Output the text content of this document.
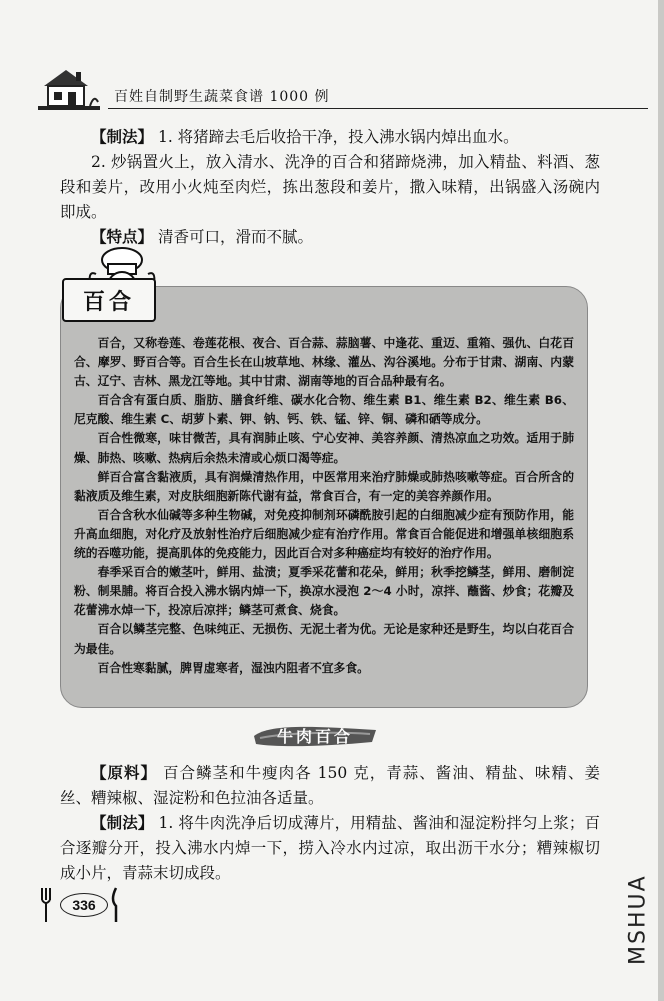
百姓自制野生蔬菜食谱 1000 例
【制法】 1. 将猪蹄去毛后收拾干净，投入沸水锅内焯出血水。
2. 炒锅置火上，放入清水、洗净的百合和猪蹄烧沸，加入精盐、料酒、葱段和姜片，改用小火炖至肉烂，拣出葱段和姜片，撒入味精，出锅盛入汤碗内即成。
【特点】 清香可口，滑而不腻。
百合

百合，又称卷莲、卷莲花根、夜合、百合蒜、蒜脑薯、中逢花、重迈、重箱、强仇、白花百合、摩罗、野百合等。百合生长在山坡草地、林缘、灌丛、沟谷溪地。分布于甘肃、湖南、内蒙古、辽宁、吉林、黑龙江等地。其中甘肃、湖南等地的百合品种最有名。

百合含有蛋白质、脂肪、膳食纤维、碳水化合物、维生素 B1、维生素 B2、维生素 B6、尼克酸、维生素 C、胡萝卜素、钾、钠、钙、铁、锰、锌、铜、磷和硒等成分。

百合性微寒，味甘微苦，具有润肺止咳、宁心安神、美容养颜、清热凉血之功效。适用于肺燥、肺热、咳嗽、热病后余热未清或心烦口渴等症。

鲜百合富含黏液质，具有润燥清热作用，中医常用来治疗肺燥或肺热咳嗽等症。百合所含的黏液质及维生素，对皮肤细胞新陈代谢有益，常食百合，有一定的美容养颜作用。

百合含秋水仙碱等多种生物碱，对免疫抑制剂环磷酰胺引起的白细胞减少症有预防作用，能升高血细胞，对化疗及放射性治疗后细胞减少症有治疗作用。常食百合能促进和增强单核细胞系统的吞噬功能，提高肌体的免疫能力，因此百合对多种癌症均有较好的治疗作用。

春季采百合的嫩茎叶，鲜用、盐渍；夏季采花蕾和花朵，鲜用；秋季挖鳞茎，鲜用、磨制淀粉、制果脯。将百合投入沸水锅内焯一下，换凉水浸泡 2～4 小时，凉拌、蘸酱、炒食；花瓣及花蕾沸水焯一下，投凉后凉拌；鳞茎可煮食、烧食。

百合以鳞茎完整、色味纯正、无损伤、无泥土者为优。无论是家种还是野生，均以白花百合为最佳。

百合性寒黏腻，脾胃虚寒者，湿浊内阻者不宜多食。

牛肉百合
【原料】 百合鳞茎和牛瘦肉各 150 克，青蒜、酱油、精盐、味精、姜丝、糟辣椒、湿淀粉和色拉油各适量。
【制法】 1. 将牛肉洗净后切成薄片，用精盐、酱油和湿淀粉拌匀上浆；百合逐瓣分开，投入沸水内焯一下，捞入冷水内过凉，取出沥干水分；糟辣椒切成小片，青蒜末切成段。
336	MSHUA
